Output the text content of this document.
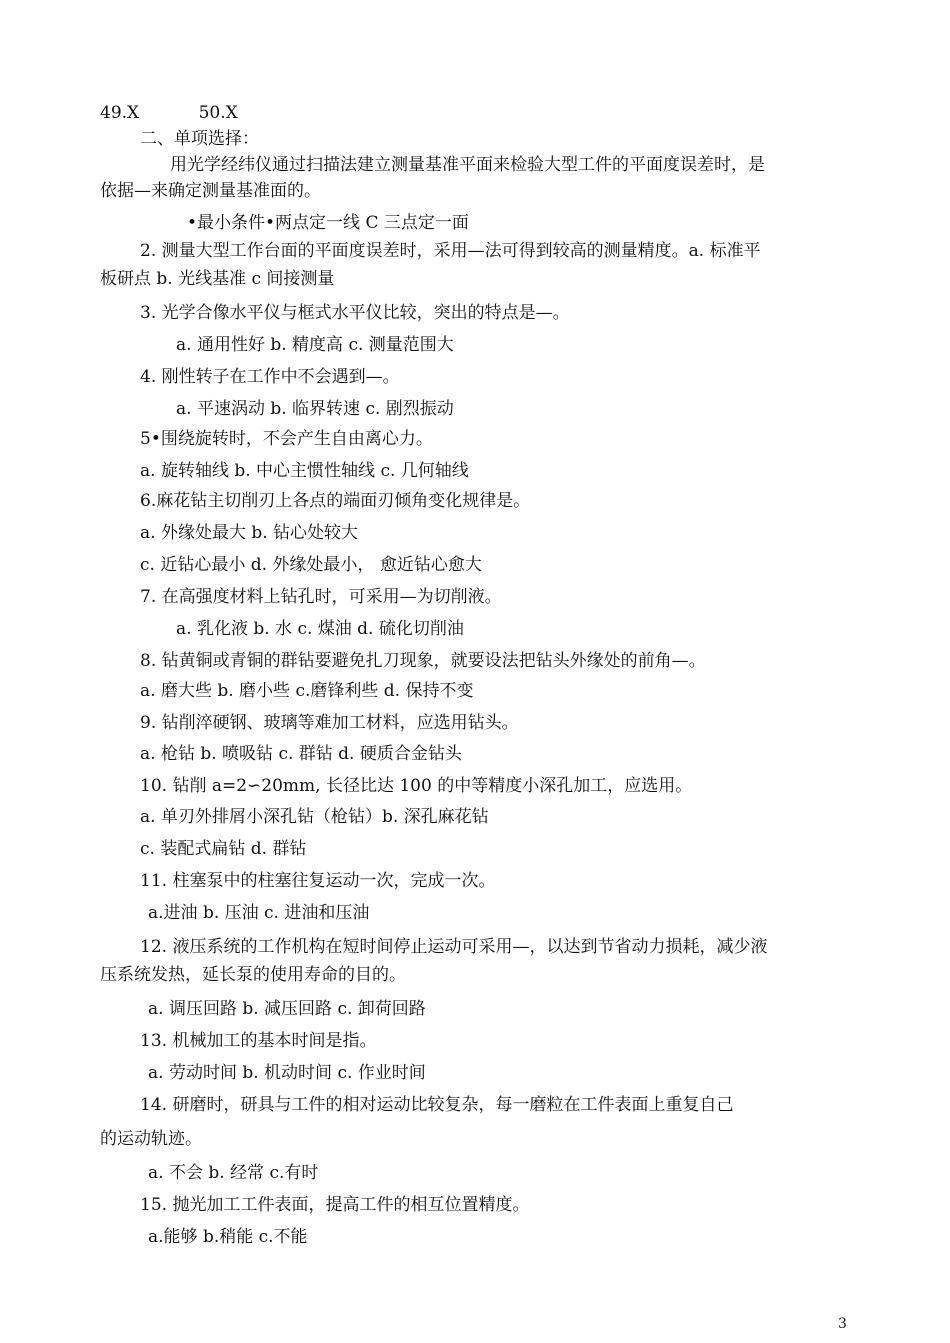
49.X           50.X
二、单项选择：
用光学经纬仪通过扫描法建立测量基准平面来检验大型工件的平面度误差时，是
依据—来确定测量基准面的。
•最小条件•两点定一线 C 三点定一面
2. 测量大型工作台面的平面度误差时，采用—法可得到较高的测量精度。a. 标准平
板研点 b. 光线基准 c 间接测量
3. 光学合像水平仪与框式水平仪比较，突出的特点是—。
a. 通用性好 b. 精度高 c. 测量范围大
4. 刚性转子在工作中不会遇到—。
a. 平速涡动 b. 临界转速 c. 剧烈振动
5•围绕旋转时，不会产生自由离心力。
a. 旋转轴线 b. 中心主惯性轴线 c. 几何轴线
6.麻花钻主切削刃上各点的端面刃倾角变化规律是。
a. 外缘处最大 b. 钻心处较大
c. 近钻心最小 d. 外缘处最小， 愈近钻心愈大
7. 在高强度材料上钻孔时，可采用—为切削液。
a. 乳化液 b. 水 c. 煤油 d. 硫化切削油
8. 钻黄铜或青铜的群钻要避免扎刀现象，就要设法把钻头外缘处的前角—。
a. 磨大些 b. 磨小些 c.磨锋利些 d. 保持不变
9. 钻削淬硬钢、玻璃等难加工材料，应选用钻头。
a. 枪钻 b. 喷吸钻 c. 群钻 d. 硬质合金钻头
10. 钻削 a=2∽20mm, 长径比达 100 的中等精度小深孔加工，应选用。
a. 单刃外排屑小深孔钻（枪钻）b. 深孔麻花钻
c. 装配式扁钻 d. 群钻
11. 柱塞泵中的柱塞往复运动一次，完成一次。
a.进油 b. 压油 c. 进油和压油
12. 液压系统的工作机构在短时间停止运动可采用—，以达到节省动力损耗，减少液
压系统发热，延长泵的使用寿命的目的。
a. 调压回路 b. 减压回路 c. 卸荷回路
13. 机械加工的基本时间是指。
a. 劳动时间 b. 机动时间 c. 作业时间
14. 研磨时，研具与工件的相对运动比较复杂，每一磨粒在工件表面上重复自己
的运动轨迹。
a. 不会 b. 经常 c.有时
15. 抛光加工工件表面，提高工件的相互位置精度。
a.能够 b.稍能 c.不能
3
